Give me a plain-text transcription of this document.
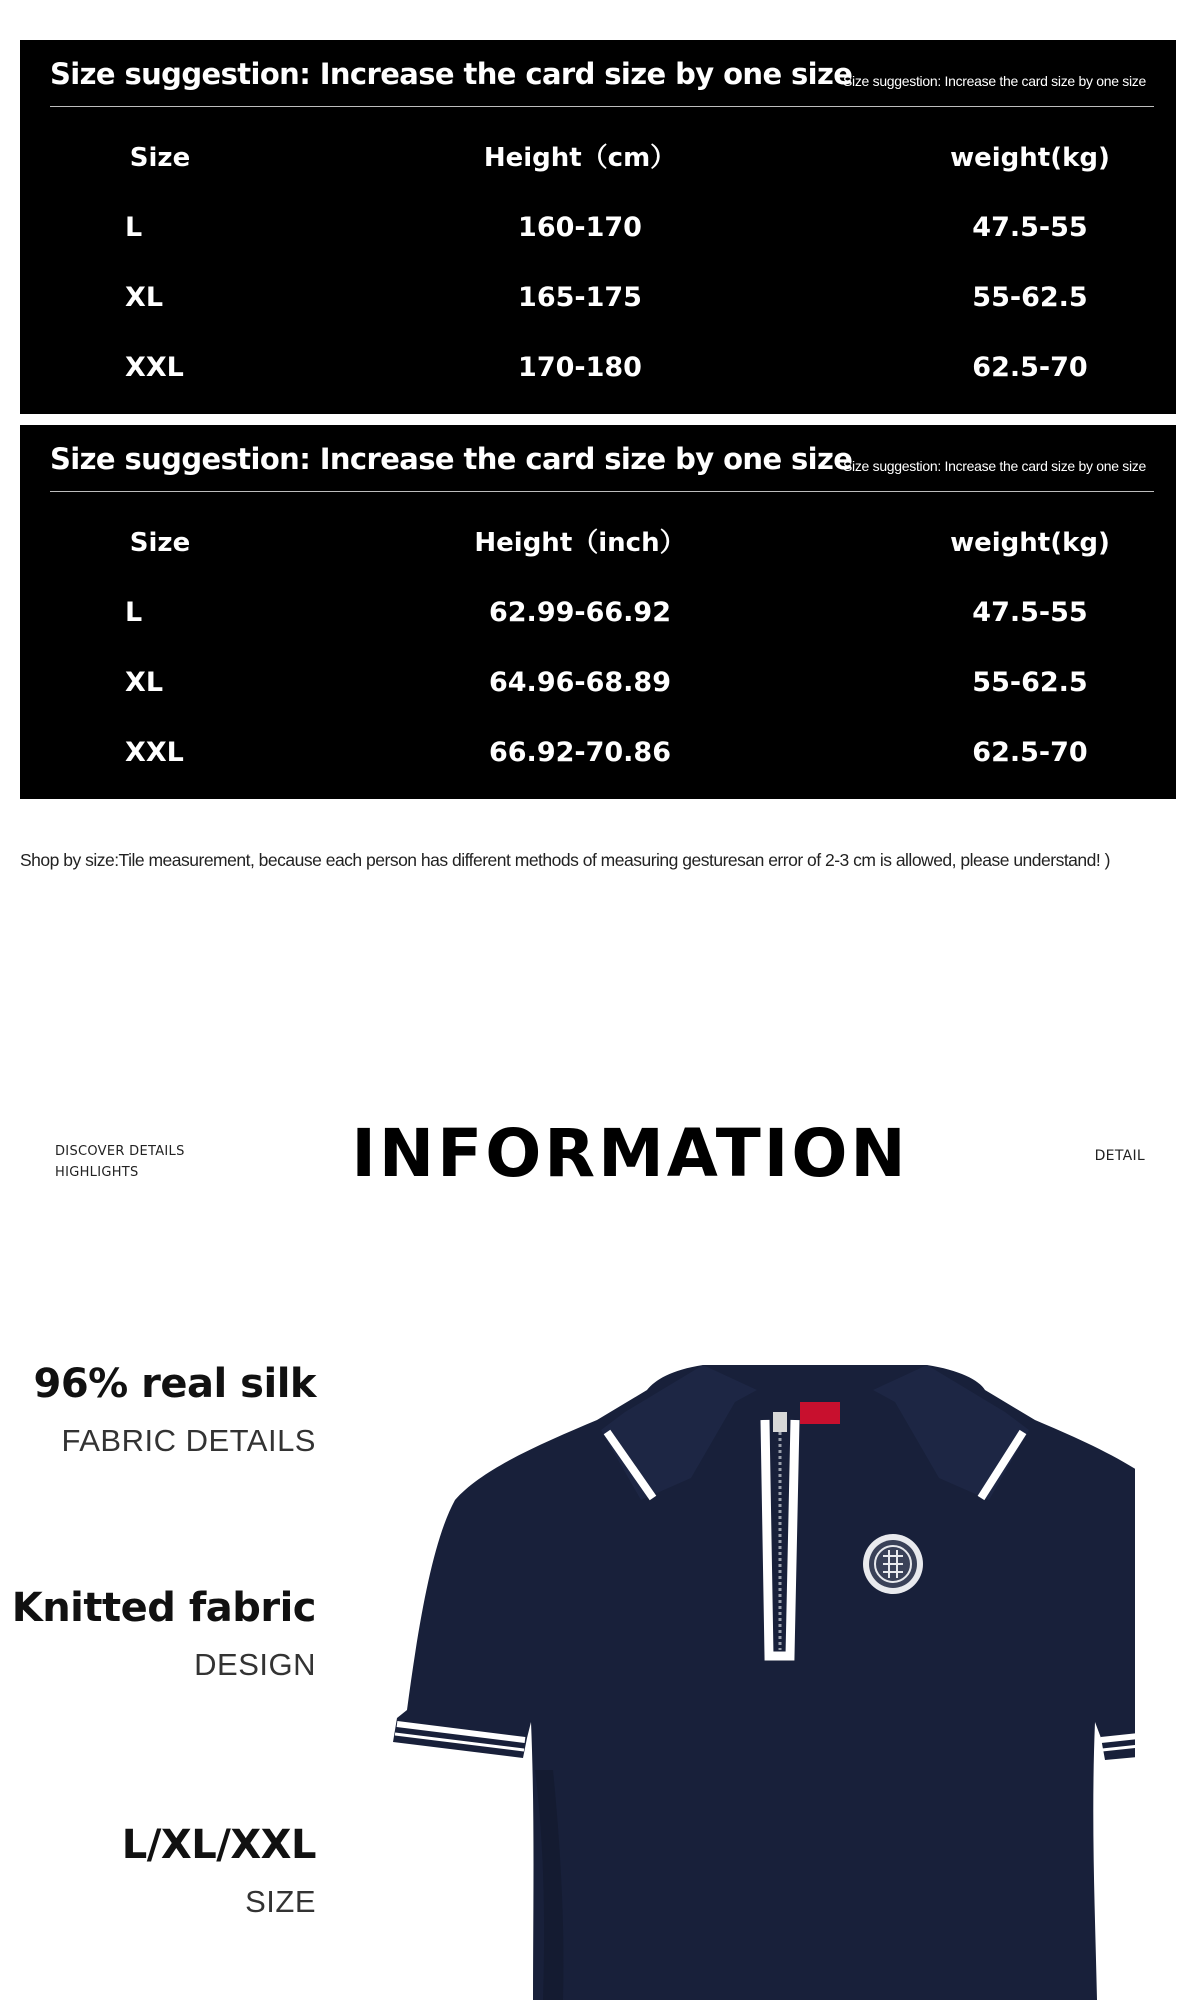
Size suggestion: Increase the card size by one size
Size suggestion: Increase the card size by one size
Size	Height（cm）	weight(kg)
L	160-170	47.5-55
XL	165-175	55-62.5
XXL	170-180	62.5-70
Size suggestion: Increase the card size by one size
Size suggestion: Increase the card size by one size
Size	Height（inch）	weight(kg)
L	62.99-66.92	47.5-55
XL	64.96-68.89	55-62.5
XXL	66.92-70.86	62.5-70
Shop by size:Tile measurement, because each person has different methods of measuring gesturesan error of 2-3 cm is allowed, please understand! )
DISCOVER DETAILS
HIGHLIGHTS	INFORMATION	DETAIL
96% real silk
FABRIC DETAILS
Knitted fabric
DESIGN
L/XL/XXL
SIZE
